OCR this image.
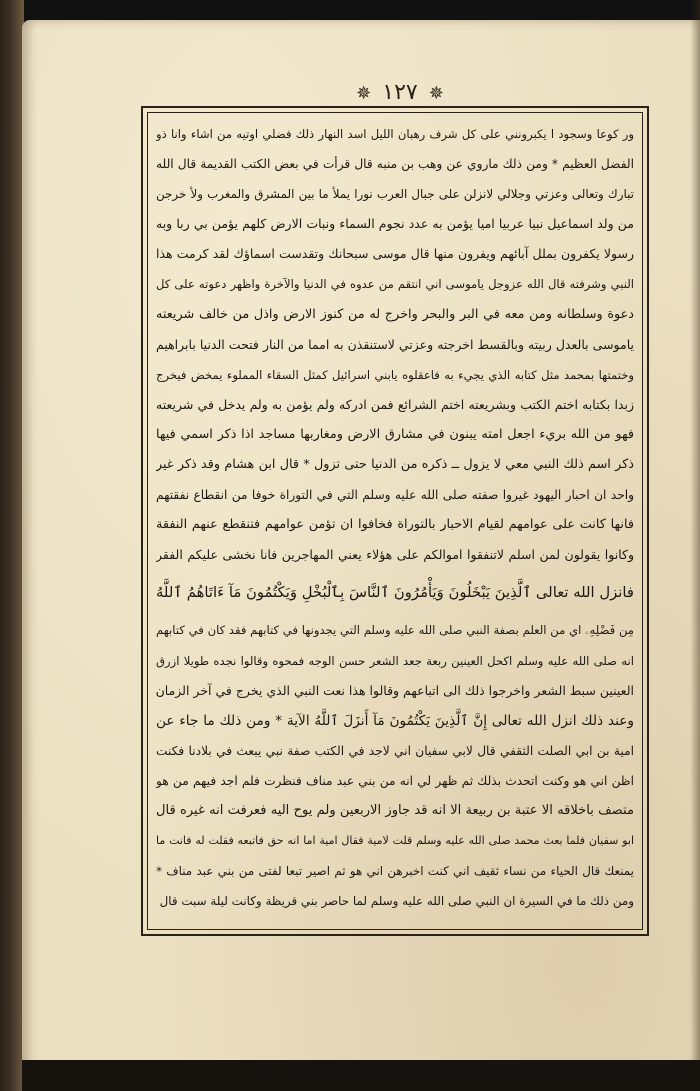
✵ ١٢٧ ✵
ور كوعا وسجود ا يكبرونني على كل شرف رهبان الليل اسد النهار ذلك فضلي اوتيه من اشاء وانا ذو
الفضل العظيم * ومن ذلك ماروي عن وهب بن منبه قال قرأت في بعض الكتب القديمة قال الله
تبارك وتعالى وعزتي وجلالي لانزلن على جبال العرب نورا يملأ ما بين المشرق والمغرب ولأ خرجن
من ولد اسماعيل نبيا عربيا اميا يؤمن به عدد نجوم السماء ونبات الارض كلهم يؤمن بي ربا وبه
رسولا يكفرون بملل آبائهم ويفرون منها قال موسى سبحانك وتقدست اسماؤك لقد كرمت هذا
النبي وشرفته قال الله عزوجل ياموسى اني انتقم من عدوه في الدنيا والآخرة واظهر دعوته على كل
دعوة وسلطانه ومن معه في البر والبحر واخرج له من كنوز الارض واذل من خالف شريعته
ياموسى بالعدل ربيته وبالقسط اخرجته وعزتي لاستنقذن به امما من النار فتحت الدنيا بابراهيم
وختمتها بمحمد مثل كتابه الذي يجيء به فاعقلوه يابني اسرائيل كمثل السقاء المملوء يمخض فيخرج
زبدا بكتابه اختم الكتب وبشريعته اختم الشرائع فمن ادركه ولم يؤمن به ولم يدخل في شريعته
فهو من الله بريء اجعل امته يبنون في مشارق الارض ومغاربها مساجد اذا ذكر اسمي فيها
ذكر اسم ذلك النبي معي لا يزول ــ ذكره من الدنيا حتى تزول * قال ابن هشام وقد ذكر غير
واحد ان احبار اليهود غيروا صفته صلى الله عليه وسلم التي في التوراة خوفا من انقطاع نفقتهم
فانها كانت على عوامهم لقيام الاحبار بالتوراة فخافوا ان تؤمن عوامهم فتنقطع عنهم النفقة
وكانوا يقولون لمن اسلم لاتنفقوا اموالكم على هؤلاء يعني المهاجرين فانا نخشى عليكم الفقر
فانزل الله تعالى ٱلَّذِينَ يَبْخَلُونَ وَيَأْمُرُونَ ٱلنَّاسَ بِٱلْبُخْلِ وَيَكْتُمُونَ مَآ ءَاتَاهُمُ ٱللَّهُ
مِن فَضْلِهِۦ اي من العلم بصفة النبي صلى الله عليه وسلم التي يجدونها في كتابهم فقد كان في كتابهم
انه صلى الله عليه وسلم اكحل العينين ربعة جعد الشعر حسن الوجه فمحوه وقالوا نجده طويلا ازرق
العينين سبط الشعر واخرجوا ذلك الى اتباعهم وقالوا هذا نعت النبي الذي يخرج في آخر الزمان
وعند ذلك انزل الله تعالى إِنَّ ٱلَّذِينَ يَكْتُمُونَ مَآ أَنزَلَ ٱللَّهُ الآية * ومن ذلك ما جاء عن
امية بن ابي الصلت الثقفي قال لابي سفيان اني لاجد في الكتب صفة نبي يبعث في بلادنا فكنت
اظن اني هو وكنت اتحدث بذلك ثم ظهر لي انه من بني عبد مناف فنظرت فلم اجد فيهم من هو
متصف باخلاقه الا عتبة بن ربيعة الا انه قد جاوز الاربعين ولم يوح اليه فعرفت انه غيره قال
ابو سفيان فلما بعث محمد صلى الله عليه وسلم قلت لامية فقال امية اما انه حق فاتبعه فقلت له فانت ما
يمنعك قال الحياء من نساء ثقيف اني كنت اخبرهن اني هو ثم اصير تبعا لفتى من بني عبد مناف *
ومن ذلك ما في السيرة ان النبي صلى الله عليه وسلم لما حاصر بني قريظة وكانت ليلة سبت قال
